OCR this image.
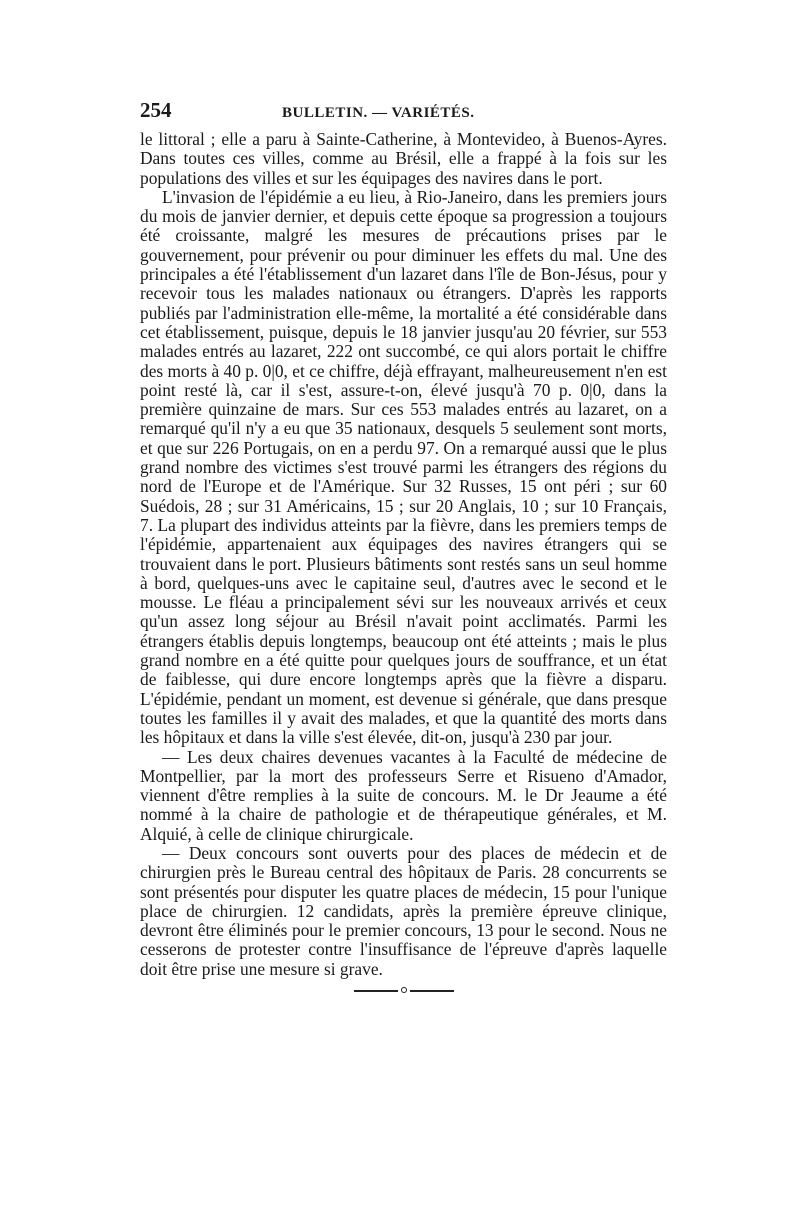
254	BULLETIN. — VARIÉTÉS.

le littoral ; elle a paru à Sainte-Catherine, à Montevideo, à Buenos-Ayres. Dans toutes ces villes, comme au Brésil, elle a frappé à la fois sur les populations des villes et sur les équipages des navires dans le port.

L'invasion de l'épidémie a eu lieu, à Rio-Janeiro, dans les premiers jours du mois de janvier dernier, et depuis cette époque sa progression a toujours été croissante, malgré les mesures de précautions prises par le gouvernement, pour prévenir ou pour diminuer les effets du mal. Une des principales a été l'établissement d'un lazaret dans l'île de Bon-Jésus, pour y recevoir tous les malades nationaux ou étrangers. D'après les rapports publiés par l'administration elle-même, la mortalité a été considérable dans cet établissement, puisque, depuis le 18 janvier jusqu'au 20 février, sur 553 malades entrés au lazaret, 222 ont succombé, ce qui alors portait le chiffre des morts à 40 p. 0|0, et ce chiffre, déjà effrayant, malheureusement n'en est point resté là, car il s'est, assure-t-on, élevé jusqu'à 70 p. 0|0, dans la première quinzaine de mars. Sur ces 553 malades entrés au lazaret, on a remarqué qu'il n'y a eu que 35 nationaux, desquels 5 seulement sont morts, et que sur 226 Portugais, on en a perdu 97. On a remarqué aussi que le plus grand nombre des victimes s'est trouvé parmi les étrangers des régions du nord de l'Europe et de l'Amérique. Sur 32 Russes, 15 ont péri ; sur 60 Suédois, 28 ; sur 31 Américains, 15 ; sur 20 Anglais, 10 ; sur 10 Français, 7. La plupart des individus atteints par la fièvre, dans les premiers temps de l'épidémie, appartenaient aux équipages des navires étrangers qui se trouvaient dans le port. Plusieurs bâtiments sont restés sans un seul homme à bord, quelques-uns avec le capitaine seul, d'autres avec le second et le mousse. Le fléau a principalement sévi sur les nouveaux arrivés et ceux qu'un assez long séjour au Brésil n'avait point acclimatés. Parmi les étrangers établis depuis longtemps, beaucoup ont été atteints ; mais le plus grand nombre en a été quitte pour quelques jours de souffrance, et un état de faiblesse, qui dure encore longtemps après que la fièvre a disparu. L'épidémie, pendant un moment, est devenue si générale, que dans presque toutes les familles il y avait des malades, et que la quantité des morts dans les hôpitaux et dans la ville s'est élevée, dit-on, jusqu'à 230 par jour.

— Les deux chaires devenues vacantes à la Faculté de médecine de Montpellier, par la mort des professeurs Serre et Risueno d'Amador, viennent d'être remplies à la suite de concours. M. le Dr Jeaume a été nommé à la chaire de pathologie et de thérapeutique générales, et M. Alquié, à celle de clinique chirurgicale.

— Deux concours sont ouverts pour des places de médecin et de chirurgien près le Bureau central des hôpitaux de Paris. 28 concurrents se sont présentés pour disputer les quatre places de médecin, 15 pour l'unique place de chirurgien. 12 candidats, après la première épreuve clinique, devront être éliminés pour le premier concours, 13 pour le second. Nous ne cesserons de protester contre l'insuffisance de l'épreuve d'après laquelle doit être prise une mesure si grave.
